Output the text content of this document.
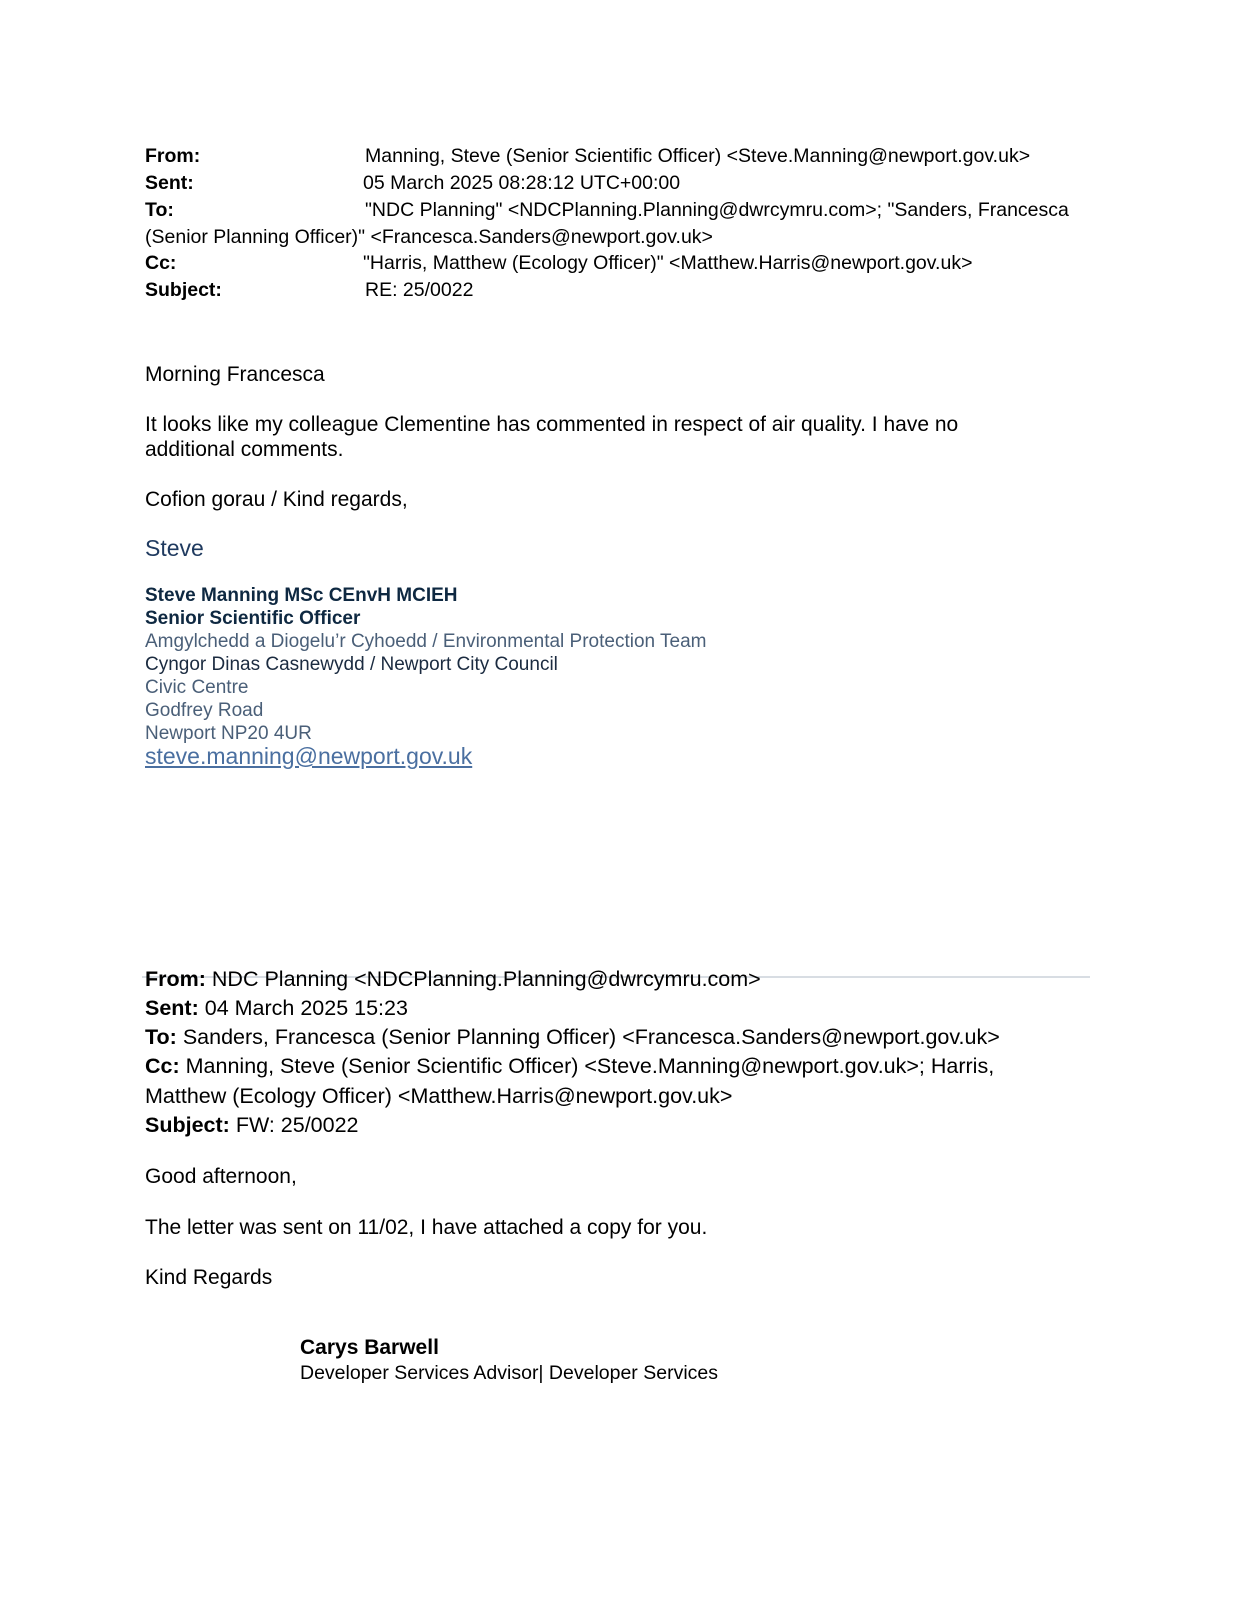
From:	Manning, Steve (Senior Scientific Officer) <Steve.Manning@newport.gov.uk>
Sent:	05 March 2025 08:28:12 UTC+00:00
To:	"NDC Planning" <NDCPlanning.Planning@dwrcymru.com>; "Sanders, Francesca (Senior Planning Officer)" <Francesca.Sanders@newport.gov.uk>
Cc:	"Harris, Matthew (Ecology Officer)" <Matthew.Harris@newport.gov.uk>
Subject:	RE: 25/0022
Morning Francesca
It looks like my colleague Clementine has commented in respect of air quality. I have no additional comments.
Cofion gorau / Kind regards,
Steve
Steve Manning MSc CEnvH MCIEH
Senior Scientific Officer
Amgylchedd a Diogelu’r Cyhoedd / Environmental Protection Team
Cyngor Dinas Casnewydd / Newport City Council
Civic Centre
Godfrey Road
Newport NP20 4UR
steve.manning@newport.gov.uk
From: NDC Planning <NDCPlanning.Planning@dwrcymru.com>
Sent: 04 March 2025 15:23
To: Sanders, Francesca (Senior Planning Officer) <Francesca.Sanders@newport.gov.uk>
Cc: Manning, Steve (Senior Scientific Officer) <Steve.Manning@newport.gov.uk>; Harris, Matthew (Ecology Officer) <Matthew.Harris@newport.gov.uk>
Subject: FW: 25/0022
Good afternoon,
The letter was sent on 11/02, I have attached a copy for you.
Kind Regards
Carys Barwell
Developer Services Advisor| Developer Services
